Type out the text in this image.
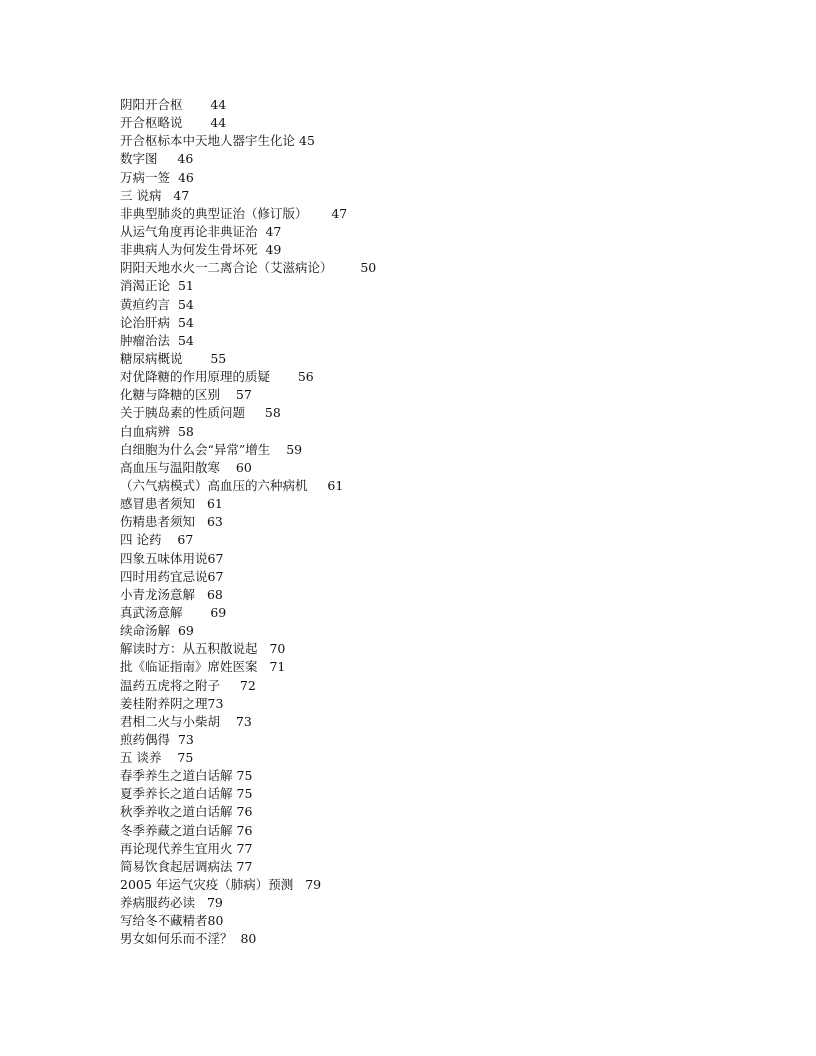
阴阳开合枢
44
开合枢略说
44
开合枢标本中天地人器宇生化论
45
数字图
46
万病一签
46
三 说病
47
非典型肺炎的典型证治（修订版）
47
从运气角度再论非典证治
47
非典病人为何发生骨坏死
49
阴阳天地水火一二离合论（艾滋病论）
50
消渴正论
51
黄疸约言
54
论治肝病
54
肿瘤治法
54
糖尿病概说
55
对优降糖的作用原理的质疑
56
化糖与降糖的区别
57
关于胰岛素的性质问题
58
白血病辨
58
白细胞为什么会“异常”增生
59
高血压与温阳散寒
60
（六气病模式）高血压的六种病机
61
感冒患者须知
61
伤精患者须知
63
四 论药
67
四象五味体用说 67
四时用药宜忌说 67
小青龙汤意解
68
真武汤意解
69
续命汤解
69
解读时方：从五积散说起
70
批《临证指南》席姓医案
71
温药五虎将之附子
72
姜桂附养阴之理 73
君相二火与小柴胡
73
煎药偶得
73
五 谈养
75
春季养生之道白话解
75
夏季养长之道白话解
75
秋季养收之道白话解
76
冬季养藏之道白话解
76
再论现代养生宜用火
77
简易饮食起居调病法
77
2005 年运气灾疫（肺病）预测
79
养病服药必读
79
写给冬不藏精者 80
男女如何乐而不淫？
80
